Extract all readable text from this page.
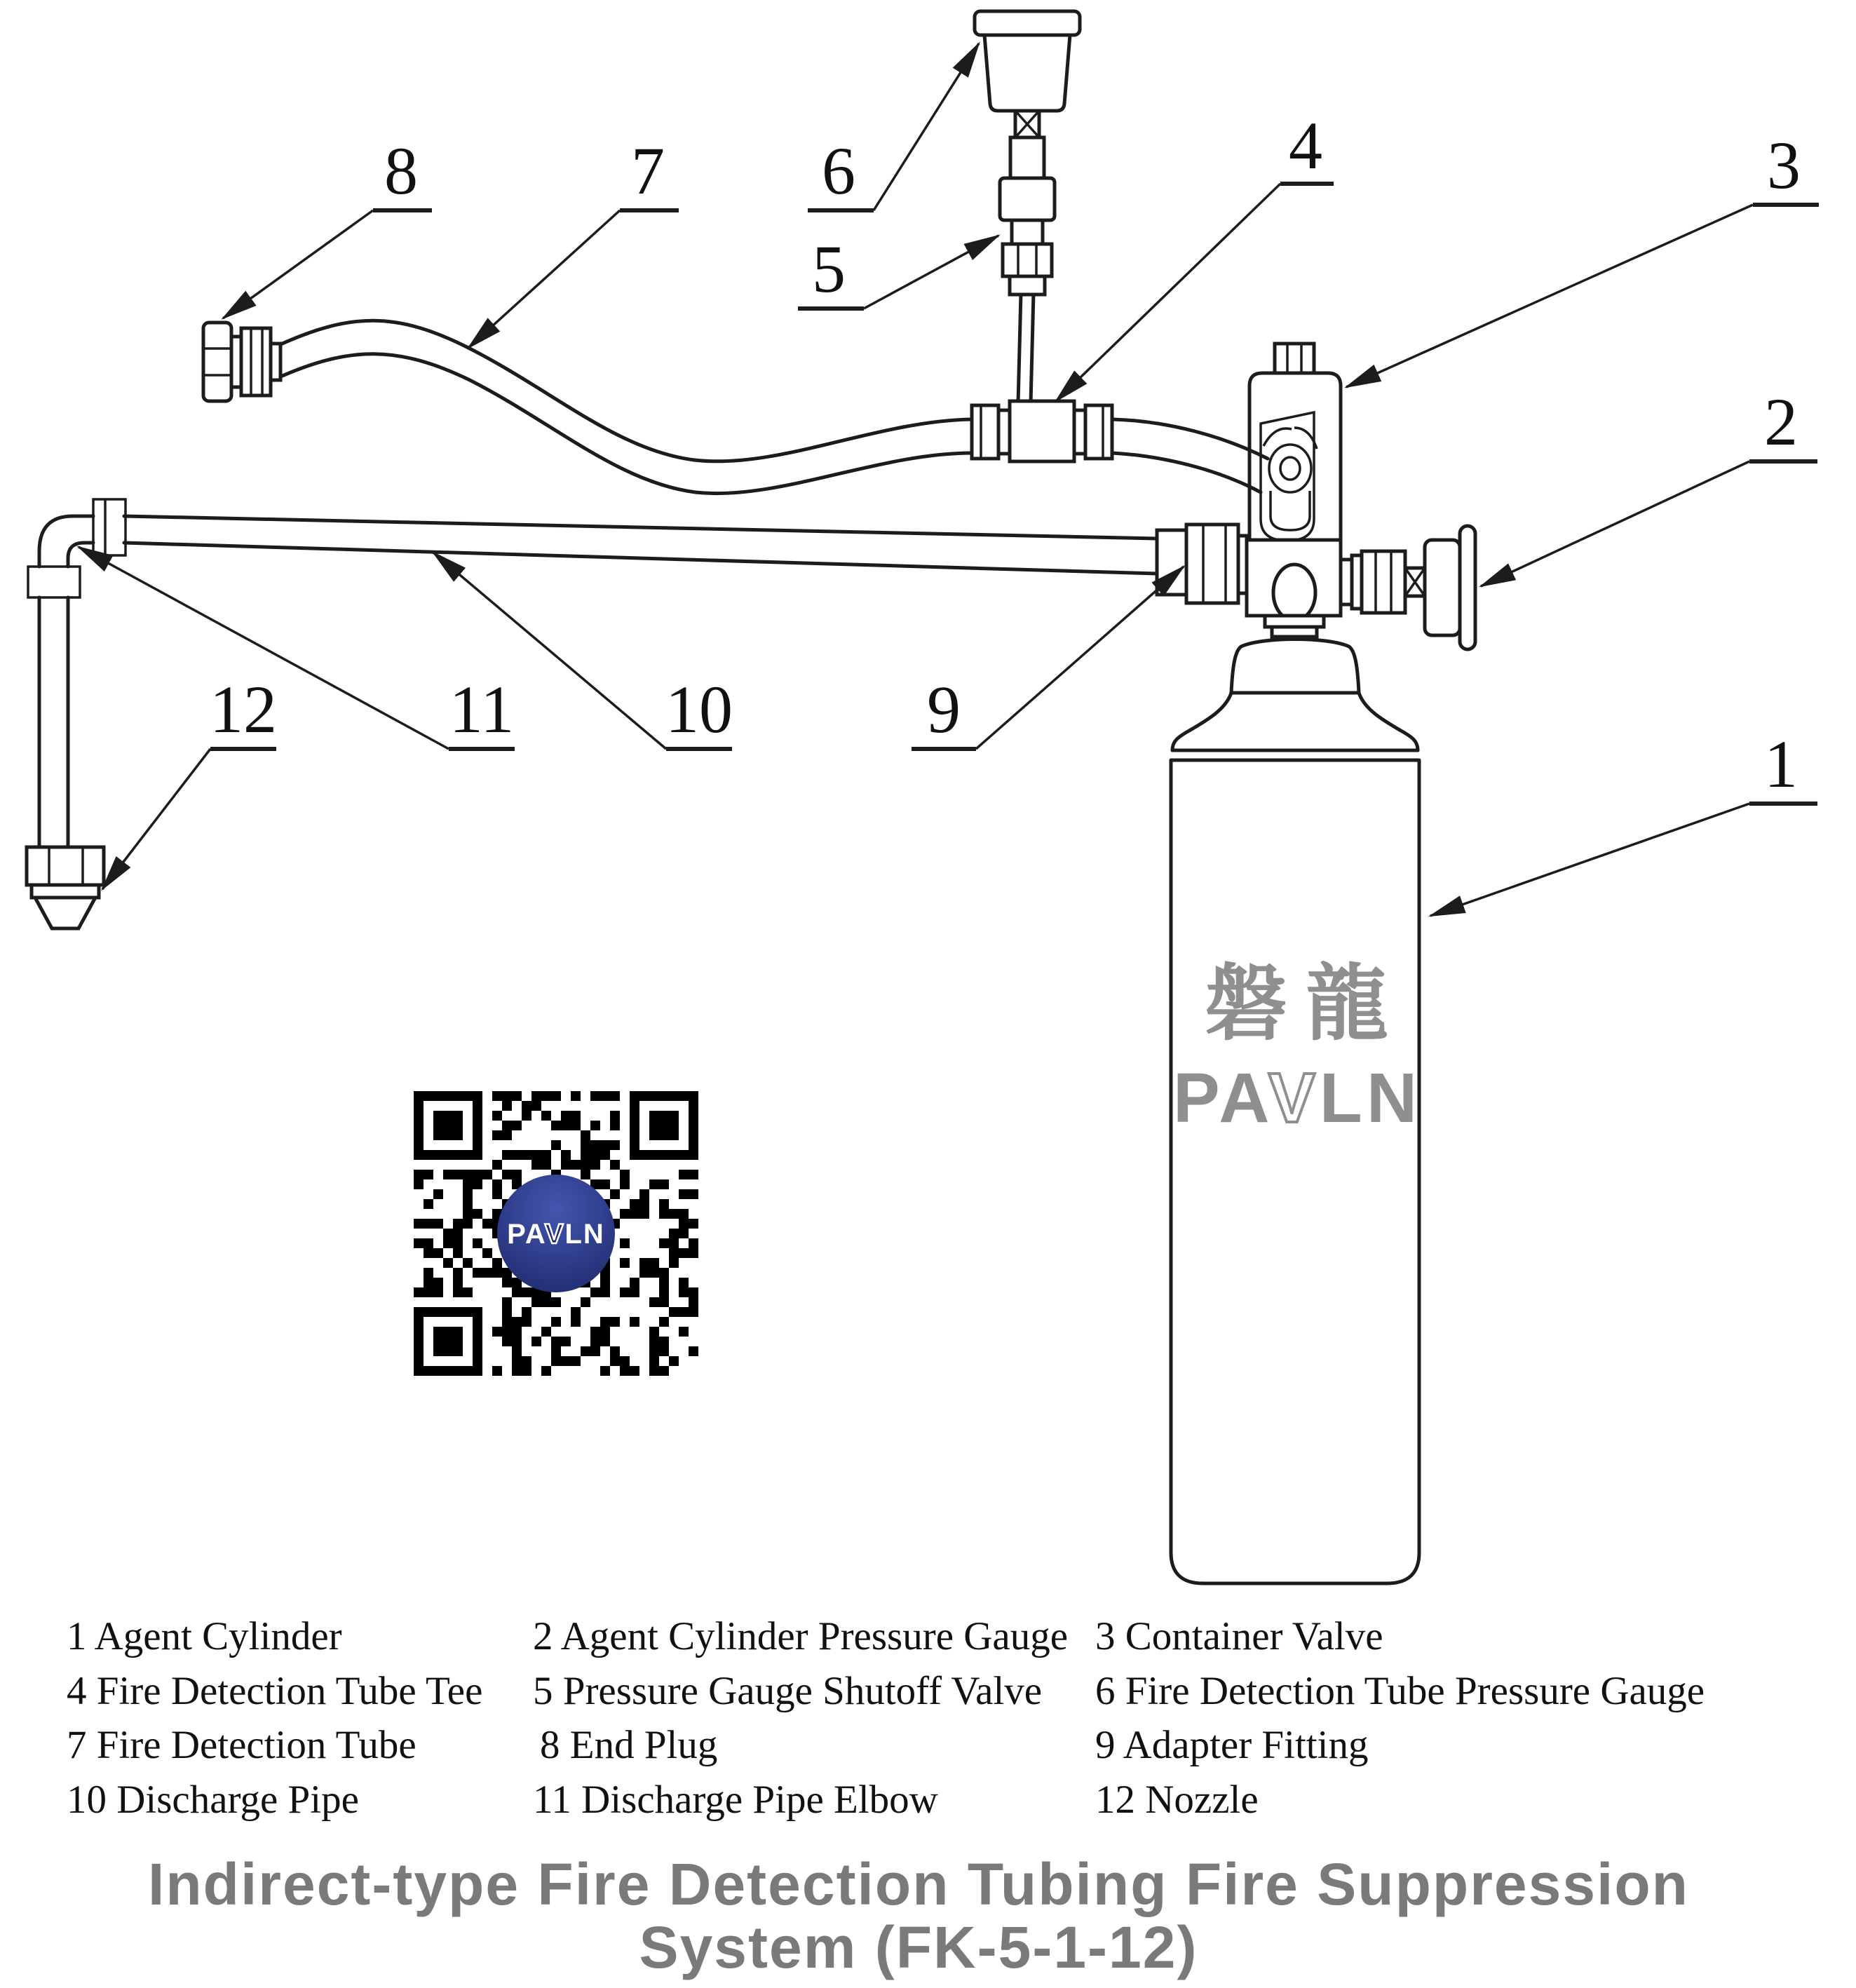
磐龍
PAVLN
PAVLN
1
2
3
4
5
6
7
8
9
10
11
12
1 Agent Cylinder	2 Agent Cylinder Pressure Gauge 3 Container Valve
4 Fire Detection Tube Tee 5 Pressure Gauge Shutoff Valve 6 Fire Detection Tube Pressure Gauge
7 Fire Detection Tube	8 End Plug	9 Adapter Fitting
10 Discharge Pipe	11 Discharge Pipe Elbow	12 Nozzle
Indirect-type Fire Detection Tubing Fire Suppression
System (FK-5-1-12)
